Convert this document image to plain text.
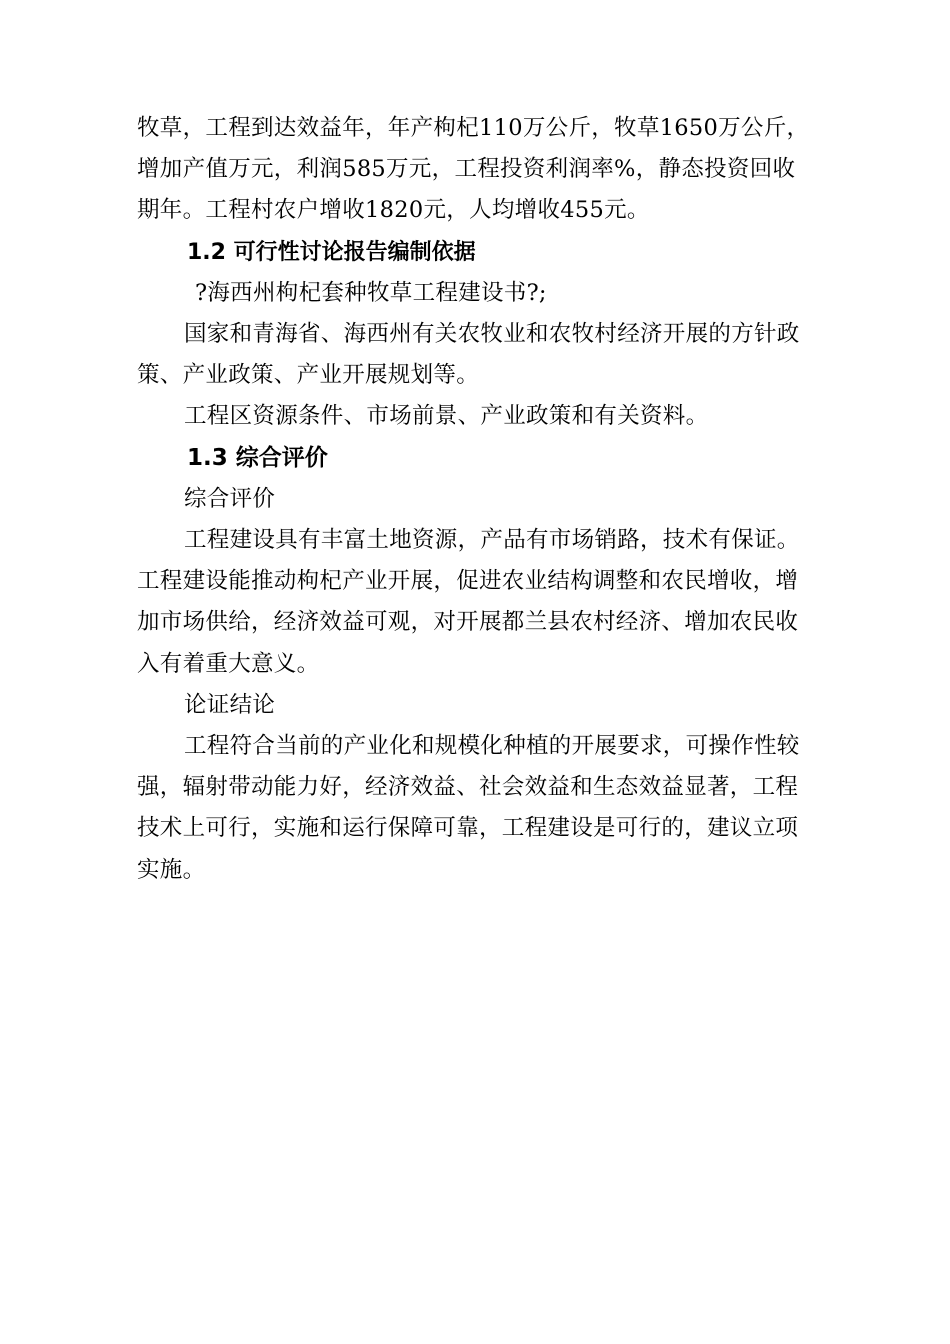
牧草，工程到达效益年，年产枸杞110万公斤，牧草1650万公斤，
增加产值万元，利润585万元，工程投资利润率%，静态投资回收
期年。工程村农户增收1820元，人均增收455元。

1.2 可行性讨论报告编制依据

?海西州枸杞套种牧草工程建设书?;

国家和青海省、海西州有关农牧业和农牧村经济开展的方针政
策、产业政策、产业开展规划等。

工程区资源条件、市场前景、产业政策和有关资料。

1.3 综合评价

综合评价

工程建设具有丰富土地资源，产品有市场销路，技术有保证。
工程建设能推动枸杞产业开展，促进农业结构调整和农民增收，增
加市场供给，经济效益可观，对开展都兰县农村经济、增加农民收
入有着重大意义。

论证结论

工程符合当前的产业化和规模化种植的开展要求，可操作性较
强，辐射带动能力好，经济效益、社会效益和生态效益显著，工程
技术上可行，实施和运行保障可靠，工程建设是可行的，建议立项
实施。
